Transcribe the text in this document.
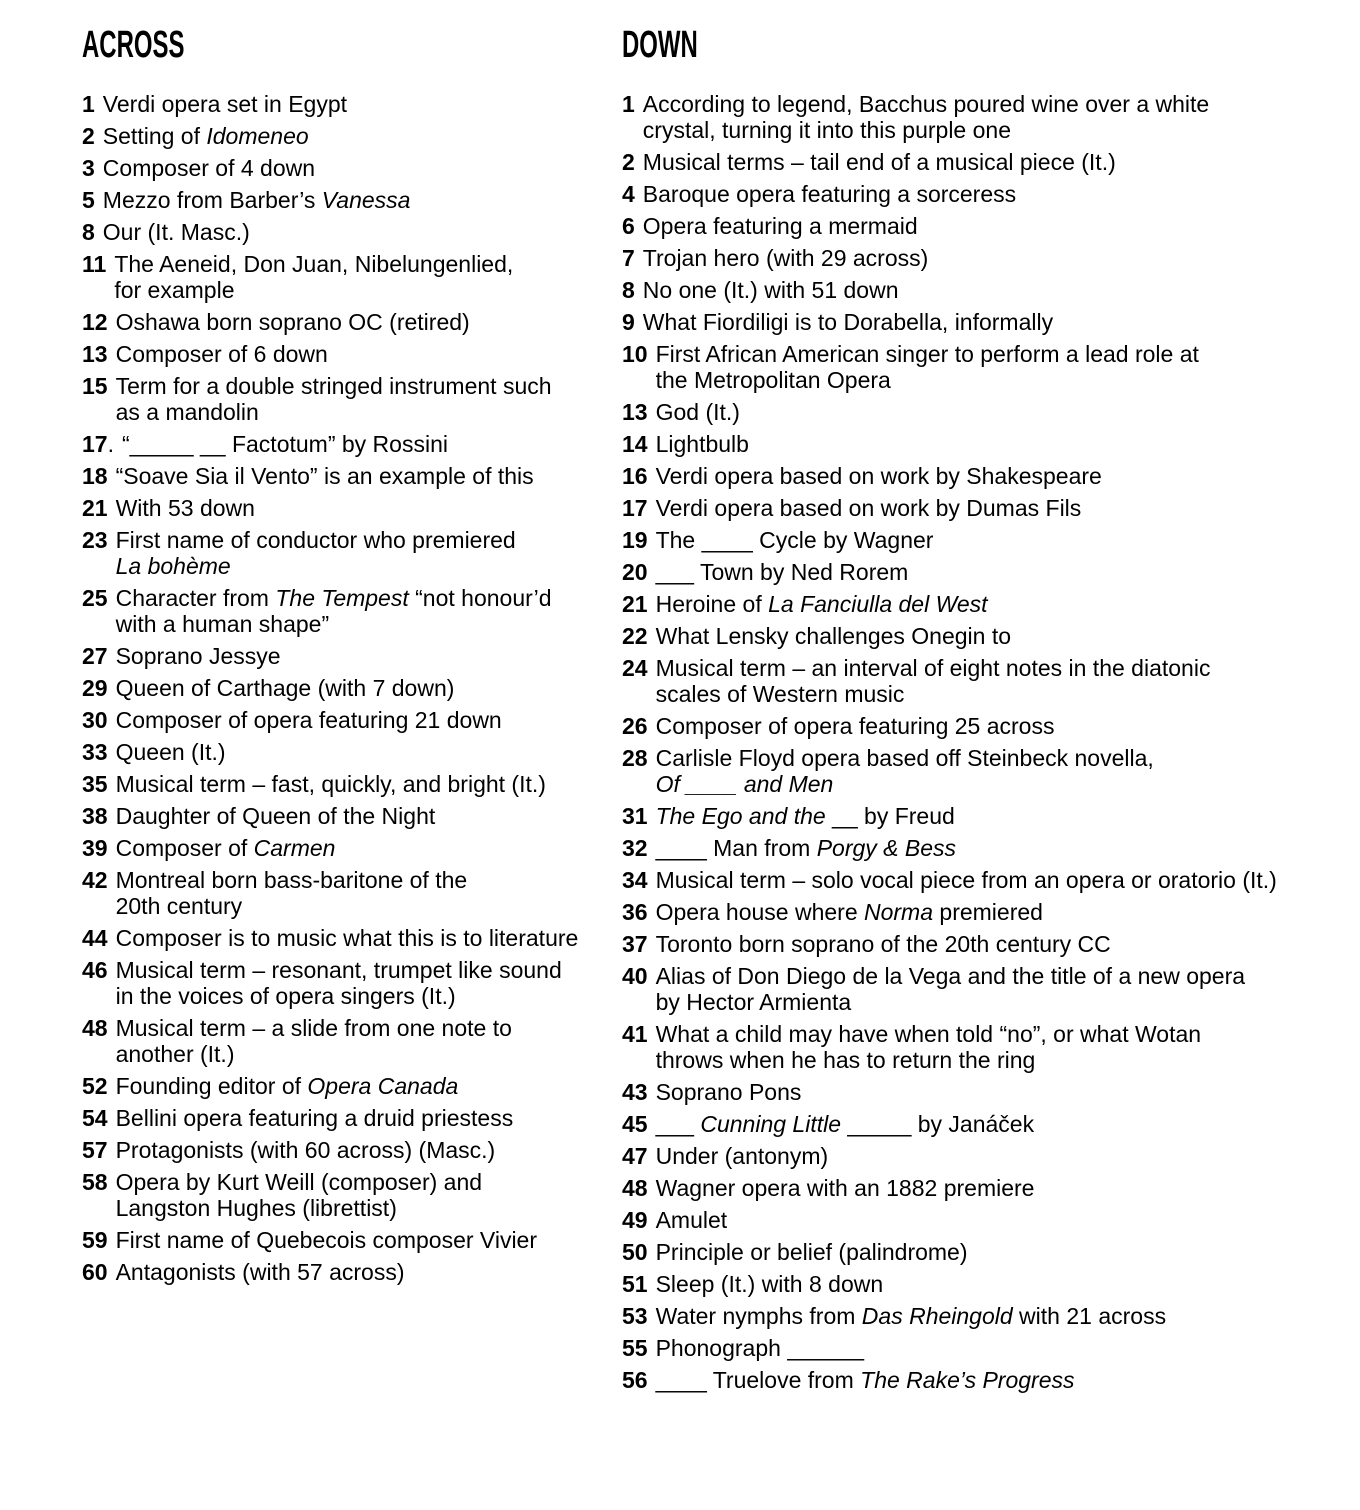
ACROSS
1 Verdi opera set in Egypt
2 Setting of Idomeneo
3 Composer of 4 down
5 Mezzo from Barber’s Vanessa
8 Our (It. Masc.)
11 The Aeneid, Don Juan, Nibelungenlied,
for example
12 Oshawa born soprano OC (retired)
13 Composer of 6 down
15 Term for a double stringed instrument such
as a mandolin
17. “_____ __ Factotum” by Rossini
18 “Soave Sia il Vento” is an example of this
21 With 53 down
23 First name of conductor who premiered
La bohème
25 Character from The Tempest “not honour’d
with a human shape”
27 Soprano Jessye
29 Queen of Carthage (with 7 down)
30 Composer of opera featuring 21 down
33 Queen (It.)
35 Musical term – fast, quickly, and bright (It.)
38 Daughter of Queen of the Night
39 Composer of Carmen
42 Montreal born bass-baritone of the
20th century
44 Composer is to music what this is to literature
46 Musical term – resonant, trumpet like sound
in the voices of opera singers (It.)
48 Musical term – a slide from one note to
another (It.)
52 Founding editor of Opera Canada
54 Bellini opera featuring a druid priestess
57 Protagonists (with 60 across) (Masc.)
58 Opera by Kurt Weill (composer) and
Langston Hughes (librettist)
59 First name of Quebecois composer Vivier
60 Antagonists (with 57 across)
DOWN
1 According to legend, Bacchus poured wine over a white
crystal, turning it into this purple one
2 Musical terms – tail end of a musical piece (It.)
4 Baroque opera featuring a sorceress
6 Opera featuring a mermaid
7 Trojan hero (with 29 across)
8 No one (It.) with 51 down
9 What Fiordiligi is to Dorabella, informally
10 First African American singer to perform a lead role at
the Metropolitan Opera
13 God (It.)
14 Lightbulb
16 Verdi opera based on work by Shakespeare
17 Verdi opera based on work by Dumas Fils
19 The ____ Cycle by Wagner
20 ___ Town by Ned Rorem
21 Heroine of La Fanciulla del West
22 What Lensky challenges Onegin to
24 Musical term – an interval of eight notes in the diatonic
scales of Western music
26 Composer of opera featuring 25 across
28 Carlisle Floyd opera based off Steinbeck novella,
Of ____ and Men
31 The Ego and the __ by Freud
32 ____ Man from Porgy & Bess
34 Musical term – solo vocal piece from an opera or oratorio (It.)
36 Opera house where Norma premiered
37 Toronto born soprano of the 20th century CC
40 Alias of Don Diego de la Vega and the title of a new opera
by Hector Armienta
41 What a child may have when told “no”, or what Wotan
throws when he has to return the ring
43 Soprano Pons
45 ___ Cunning Little _____ by Janáček
47 Under (antonym)
48 Wagner opera with an 1882 premiere
49 Amulet
50 Principle or belief (palindrome)
51 Sleep (It.) with 8 down
53 Water nymphs from Das Rheingold with 21 across
55 Phonograph ______
56 ____ Truelove from The Rake’s Progress
